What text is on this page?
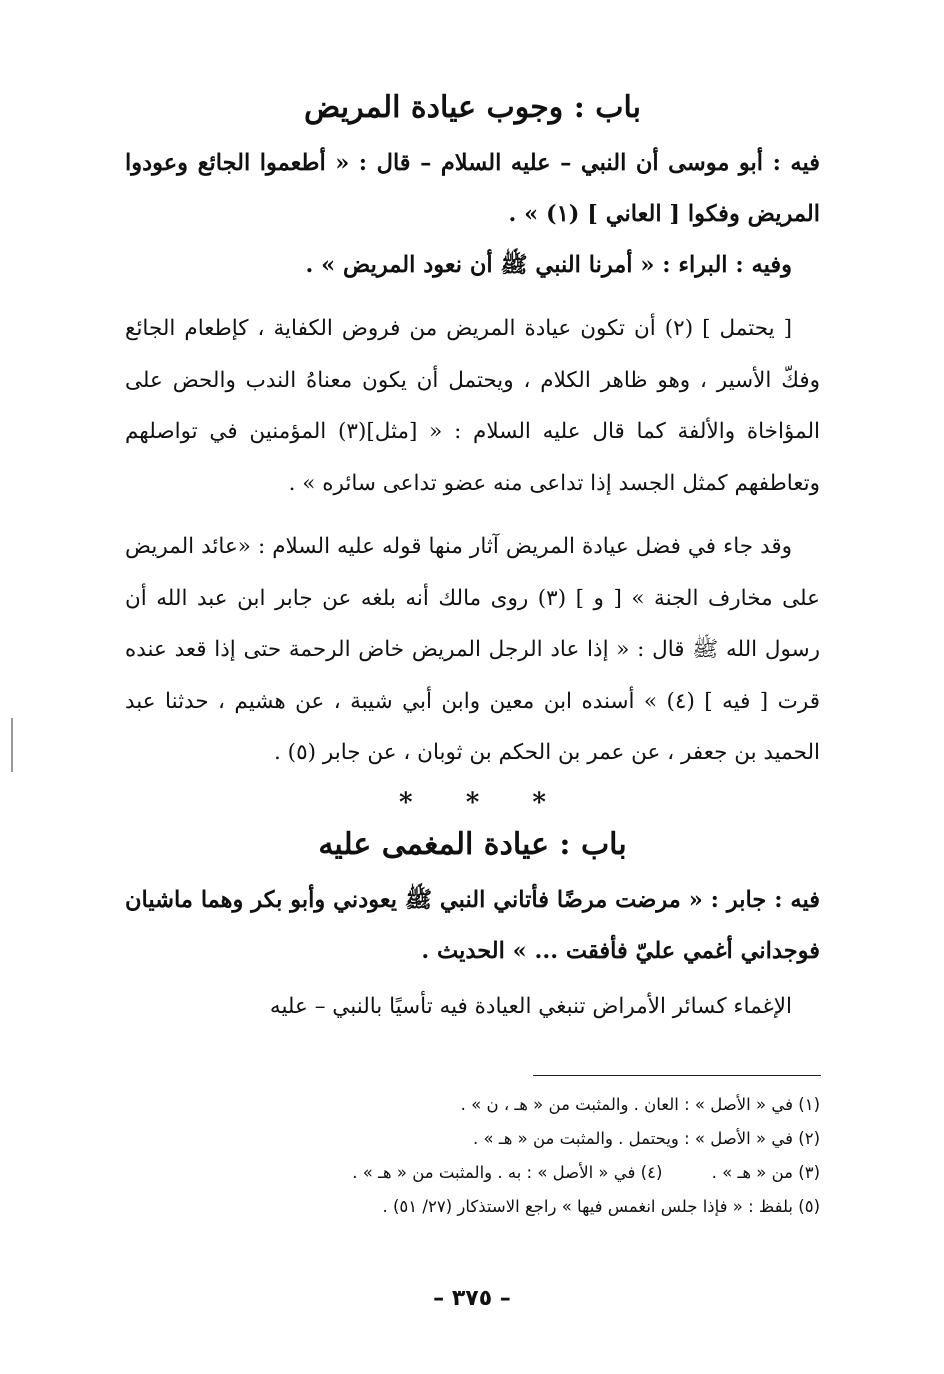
باب : وجوب عيادة المريض

فيه : أبو موسى أن النبي – عليه السلام – قال : « أطعموا الجائع وعودوا المريض وفكوا [ العاني ] (١) » .

وفيه : البراء : « أمرنا النبي ﷺ أن نعود المريض » .

[ يحتمل ] (٢) أن تكون عيادة المريض من فروض الكفاية ، كإطعام الجائع وفكّ الأسير ، وهو ظاهر الكلام ، ويحتمل أن يكون معناهُ الندب والحض على المؤاخاة والألفة كما قال عليه السلام : « [مثل](٣) المؤمنين في تواصلهم وتعاطفهم كمثل الجسد إذا تداعى منه عضو تداعى سائره » .

وقد جاء في فضل عيادة المريض آثار منها قوله عليه السلام : «عائد المريض على مخارف الجنة » [ و ] (٣) روى مالك أنه بلغه عن جابر ابن عبد الله أن رسول الله ﷺ قال : « إذا عاد الرجل المريض خاض الرحمة حتى إذا قعد عنده قرت [ فيه ] (٤) » أسنده ابن معين وابن أبي شيبة ، عن هشيم ، حدثنا عبد الحميد بن جعفر ، عن عمر بن الحكم بن ثوبان ، عن جابر (٥) .

* * *
باب : عيادة المغمى عليه

فيه : جابر : « مرضت مرضًا فأتاني النبي ﷺ يعودني وأبو بكر وهما ماشيان فوجداني أغمي عليّ فأفقت ... » الحديث .

الإغماء كسائر الأمراض تنبغي العيادة فيه تأسيًا بالنبي – عليه

(١) في « الأصل » : العان . والمثبت من « هـ ، ن » .
(٢) في « الأصل » : ويحتمل . والمثبت من « هـ » .
(٣) من « هـ » . (٤) في « الأصل » : به . والمثبت من « هـ » .
(٥) بلفظ : « فإذا جلس انغمس فيها » راجع الاستذكار (٢٧/ ٥١) .
– ٣٧٥ –
